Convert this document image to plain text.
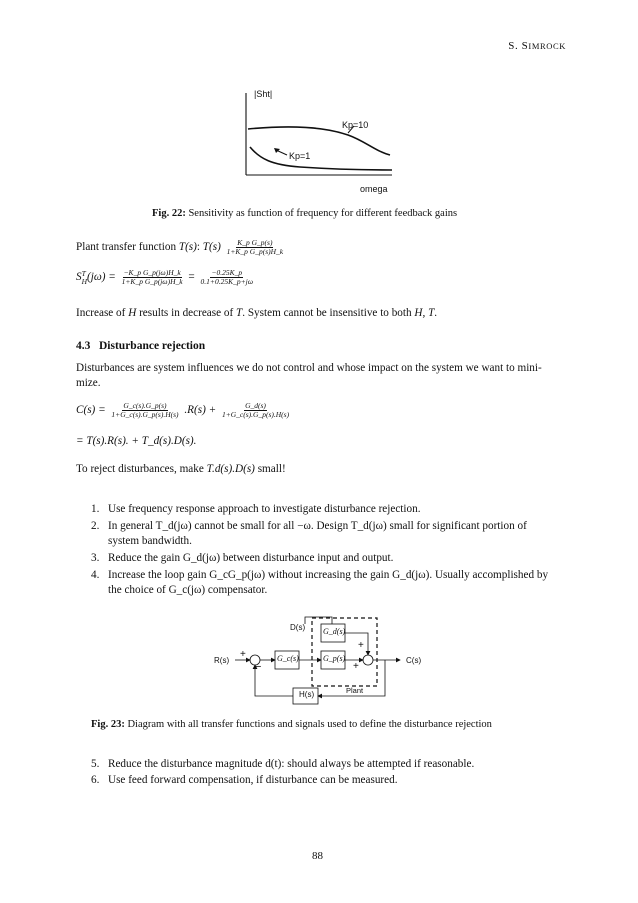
S. SIMROCK
|Sht|
Kp=10
Kp=1
omega
Fig. 22: Sensitivity as function of frequency for different feedback gains
Plant transfer function T(s): $T(s) \frac{\text{K\_p G\_p(s)}}{\text{1+K\_p G\_p(s)H\_k}}$
S T
H $(j\omega) = \frac{\text{−K\_p G\_p(jω)H\_k}}{\text{1+K\_p G\_p(jω)H\_k}} = \frac{-0.25K\_p}{0.1+0.25K\_p+j\omega}$
Increase of H results in decrease of T. System cannot be insensitive to both H, T.
4.3 Disturbance rejection
Disturbances are system influences we do not control and whose impact on the system we want to mini-
mize.
$C(s) = \frac{G\_c(s).G\_p(s)}{1+G\_c(s).G\_p(s).H(s)} .R(s) + \frac{G\_d(s)}{1+G\_c(s).G\_p(s).H(s)}$
= T(s).R(s). + T_d(s).D(s).
To reject disturbances, make T.d(s).D(s) small!
1. Use frequency response approach to investigate disturbance rejection.
2. In general T_d(jω) cannot be small for all −ω. Design T_d(jω) small for significant portion of
system bandwidth.
3. Reduce the gain G_d(jω) between disturbance input and output.
4. Increase the loop gain G_cG_p(jω) without increasing the gain G_d(jω). Usually accomplished by
the choice of G_c(jω) compensator.
D(s)
R(s)	C(s)
H(s)	Plant
G_d(s)
G_c(s)	G_p(s)
+
−
+
+
Fig. 23: Diagram with all transfer functions and signals used to define the disturbance rejection
5. Reduce the disturbance magnitude d(t): should always be attempted if reasonable.
6. Use feed forward compensation, if disturbance can be measured.
88
